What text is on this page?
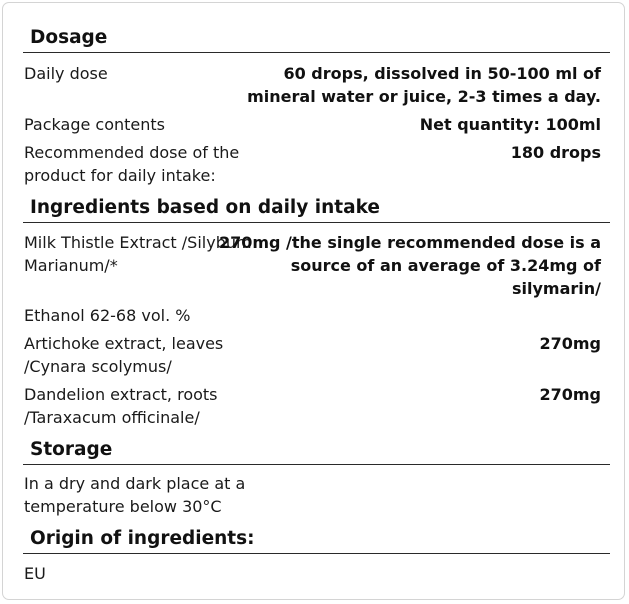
Dosage
Daily dose	60 drops, dissolved in 50-100 ml of
mineral water or juice, 2-3 times a day.
Package contents	Net quantity: 100ml
Recommended dose of the
product for daily intake:
180 drops
Ingredients based on daily intake
Milk Thistle Extract /Silybum
Marianum/*
270mg /the single recommended dose is a
source of an average of 3.24mg of
silymarin/
Ethanol 62-68 vol. %
Artichoke extract, leaves
/Cynara scolymus/
270mg
Dandelion extract, roots
/Taraxacum officinale/
270mg
Storage
In a dry and dark place at a
temperature below 30°C
Origin of ingredients:
EU
